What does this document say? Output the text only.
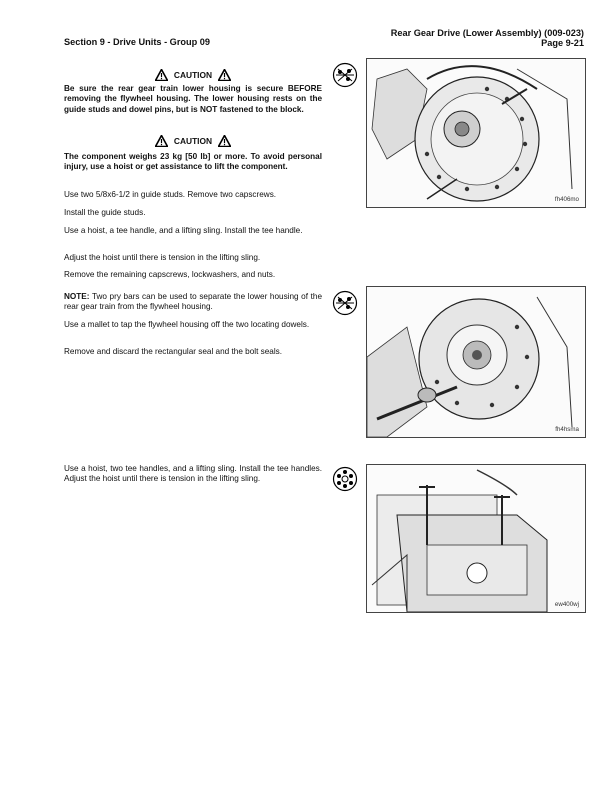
Section 9 - Drive Units - Group 09
Rear Gear Drive (Lower Assembly) (009-023)
Page 9-21
CAUTION
Be sure the rear gear train lower housing is secure BEFORE removing the flywheel housing. The lower housing rests on the guide studs and dowel pins, but is NOT fastened to the block.
CAUTION
The component weighs 23 kg [50 lb] or more. To avoid personal injury, use a hoist or get assistance to lift the component.
Use two 5/8x6-1/2 in guide studs. Remove two capscrews.
Install the guide studs.
Use a hoist, a tee handle, and a lifting sling. Install the tee handle.
Adjust the hoist until there is tension in the lifting sling.
Remove the remaining capscrews, lockwashers, and nuts.
NOTE: Two pry bars can be used to separate the lower housing of the rear gear train from the flywheel housing.
Use a mallet to tap the flywheel housing off the two locating dowels.
Remove and discard the rectangular seal and the bolt seals.
Use a hoist, two tee handles, and a lifting sling. Install the tee handles. Adjust the hoist until there is tension in the lifting sling.
fh406mo
fh4hsma
ew400wj
